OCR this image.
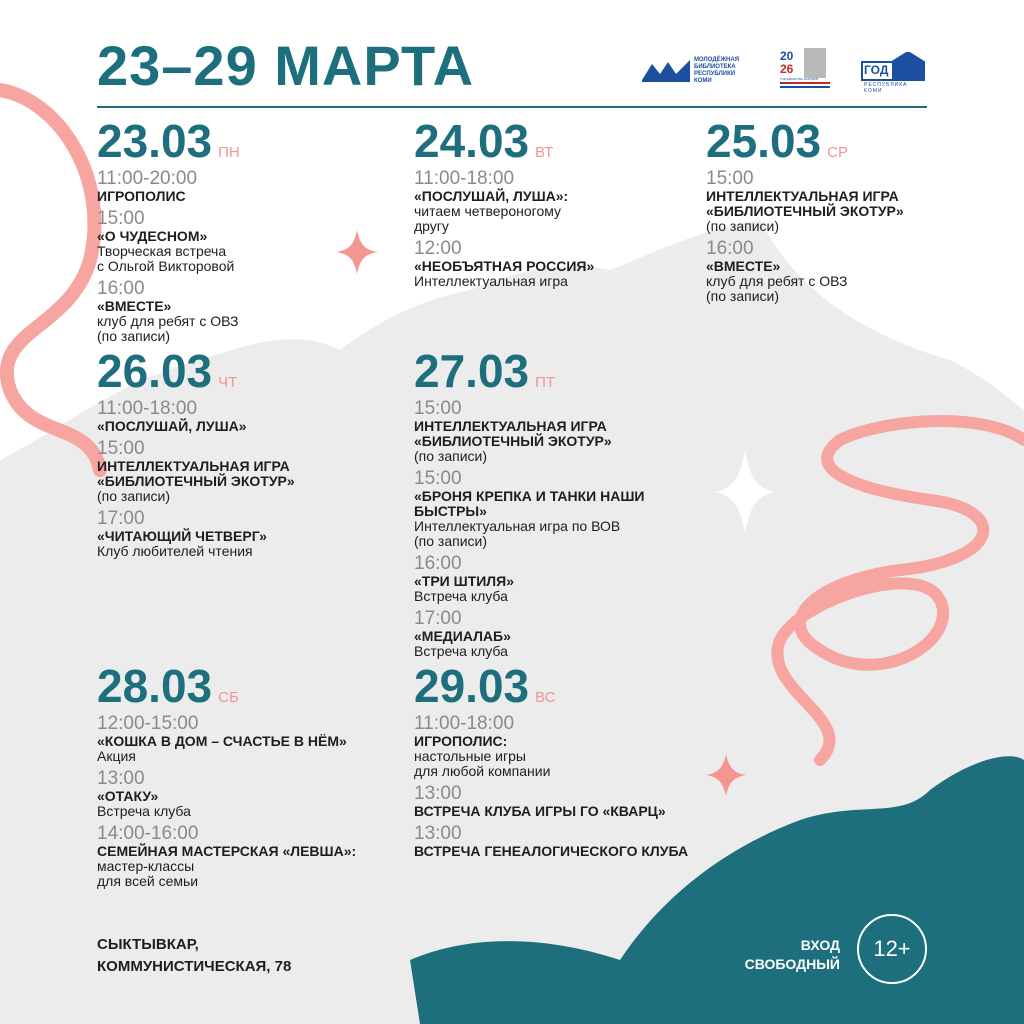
23–29 МАРТА	МОЛОДЁЖНАЯ БИБЛИОТЕКА РЕСПУБЛИКИ КОМИ
20
26
ГОД ЕДИНСТВА НАРОДОВ РОССИИ
ГОД СЕЛА
РЕСПУБЛИКА КОМИ
23.03 ПН
11:00-20:00
ИГРОПОЛИС
15:00
«О ЧУДЕСНОМ»
Творческая встреча
с Ольгой Викторовой
16:00
«ВМЕСТЕ»
клуб для ребят с ОВЗ
(по записи)
24.03 ВТ
11:00-18:00
«ПОСЛУШАЙ, ЛУША»:
читаем четвероногому
другу
12:00
«НЕОБЪЯТНАЯ РОССИЯ»
Интеллектуальная игра
25.03 СР
15:00
ИНТЕЛЛЕКТУАЛЬНАЯ ИГРА «БИБЛИОТЕЧНЫЙ ЭКОТУР»
(по записи)
16:00
«ВМЕСТЕ»
клуб для ребят с ОВЗ
(по записи)
26.03 ЧТ
11:00-18:00
«ПОСЛУШАЙ, ЛУША»
15:00
ИНТЕЛЛЕКТУАЛЬНАЯ ИГРА «БИБЛИОТЕЧНЫЙ ЭКОТУР»
(по записи)
17:00
«ЧИТАЮЩИЙ ЧЕТВЕРГ»
Клуб любителей чтения
27.03 ПТ
15:00
ИНТЕЛЛЕКТУАЛЬНАЯ ИГРА «БИБЛИОТЕЧНЫЙ ЭКОТУР»
(по записи)
15:00
«БРОНЯ КРЕПКА И ТАНКИ НАШИ БЫСТРЫ»
Интеллектуальная игра по ВОВ
(по записи)
16:00
«ТРИ ШТИЛЯ»
Встреча клуба
17:00
«МЕДИАЛАБ»
Встреча клуба
28.03 СБ
12:00-15:00
«КОШКА В ДОМ – СЧАСТЬЕ В НЁМ»
Акция
13:00
«ОТАКУ»
Встреча клуба
14:00-16:00
СЕМЕЙНАЯ МАСТЕРСКАЯ «ЛЕВША»:
мастер-классы
для всей семьи
29.03 ВС
11:00-18:00
ИГРОПОЛИС:
настольные игры
для любой компании
13:00
ВСТРЕЧА КЛУБА ИГРЫ ГО «КВАРЦ»
13:00
ВСТРЕЧА ГЕНЕАЛОГИЧЕСКОГО КЛУБА
СЫКТЫВКАР,
КОММУНИСТИЧЕСКАЯ, 78
ВХОД
СВОБОДНЫЙ
12+
